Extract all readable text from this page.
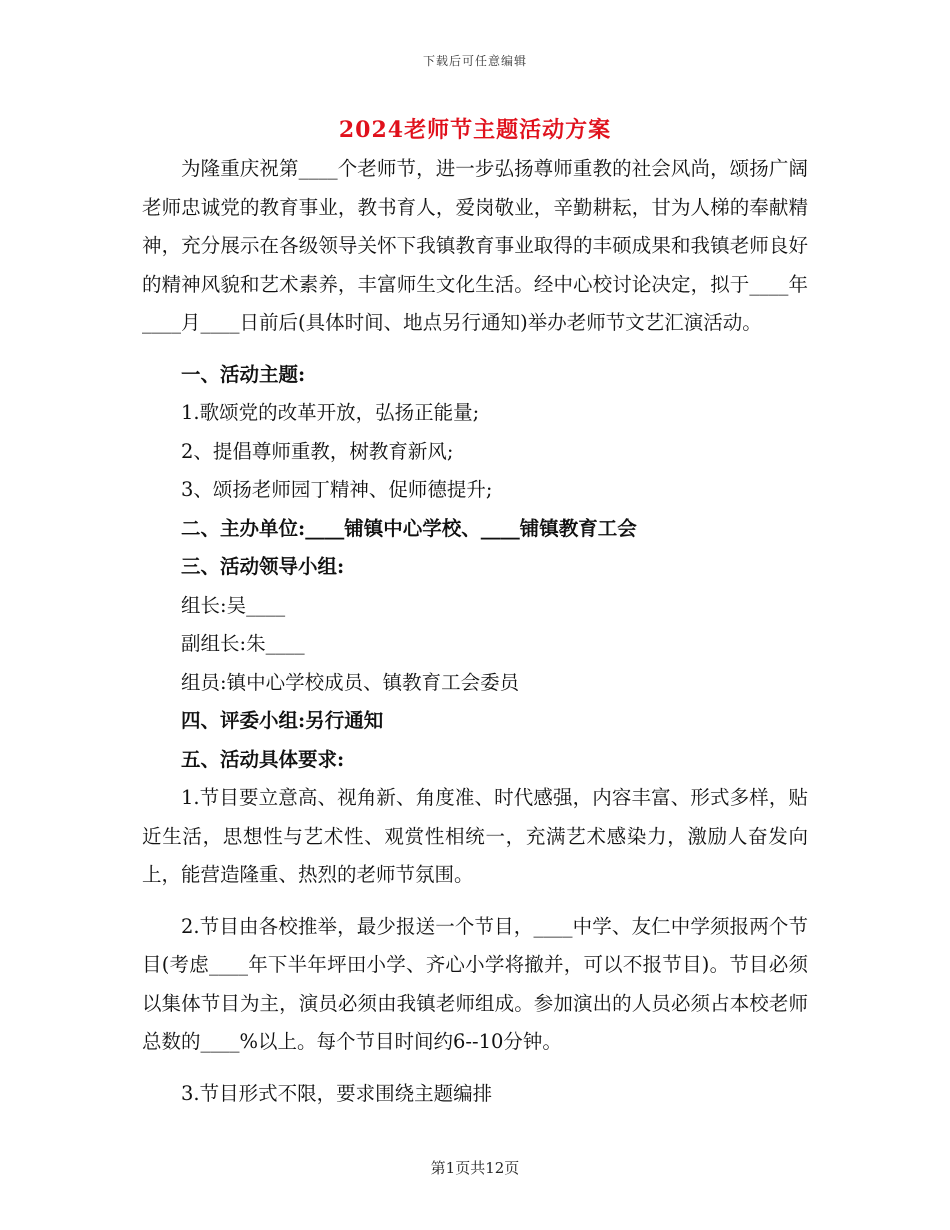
下载后可任意编辑
2024老师节主题活动方案

为隆重庆祝第____个老师节，进一步弘扬尊师重教的社会风尚，颂扬广阔老师忠诚党的教育事业，教书育人，爱岗敬业，辛勤耕耘，甘为人梯的奉献精神，充分展示在各级领导关怀下我镇教育事业取得的丰硕成果和我镇老师良好的精神风貌和艺术素养，丰富师生文化生活。经中心校讨论决定，拟于____年____月____日前后(具体时间、地点另行通知)举办老师节文艺汇演活动。

一、活动主题:
1.歌颂党的改革开放，弘扬正能量;
2、提倡尊师重教，树教育新风;
3、颂扬老师园丁精神、促师德提升;
二、主办单位:____铺镇中心学校、____铺镇教育工会
三、活动领导小组:
组长:吴____
副组长:朱____
组员:镇中心学校成员、镇教育工会委员
四、评委小组:另行通知
五、活动具体要求:

1.节目要立意高、视角新、角度准、时代感强，内容丰富、形式多样，贴近生活，思想性与艺术性、观赏性相统一，充满艺术感染力，激励人奋发向上，能营造隆重、热烈的老师节氛围。

2.节目由各校推举，最少报送一个节目，____中学、友仁中学须报两个节目(考虑____年下半年坪田小学、齐心小学将撤并，可以不报节目)。节目必须以集体节目为主，演员必须由我镇老师组成。参加演出的人员必须占本校老师总数的____%以上。每个节目时间约6--10分钟。

3.节目形式不限，要求围绕主题编排

第1页共12页
